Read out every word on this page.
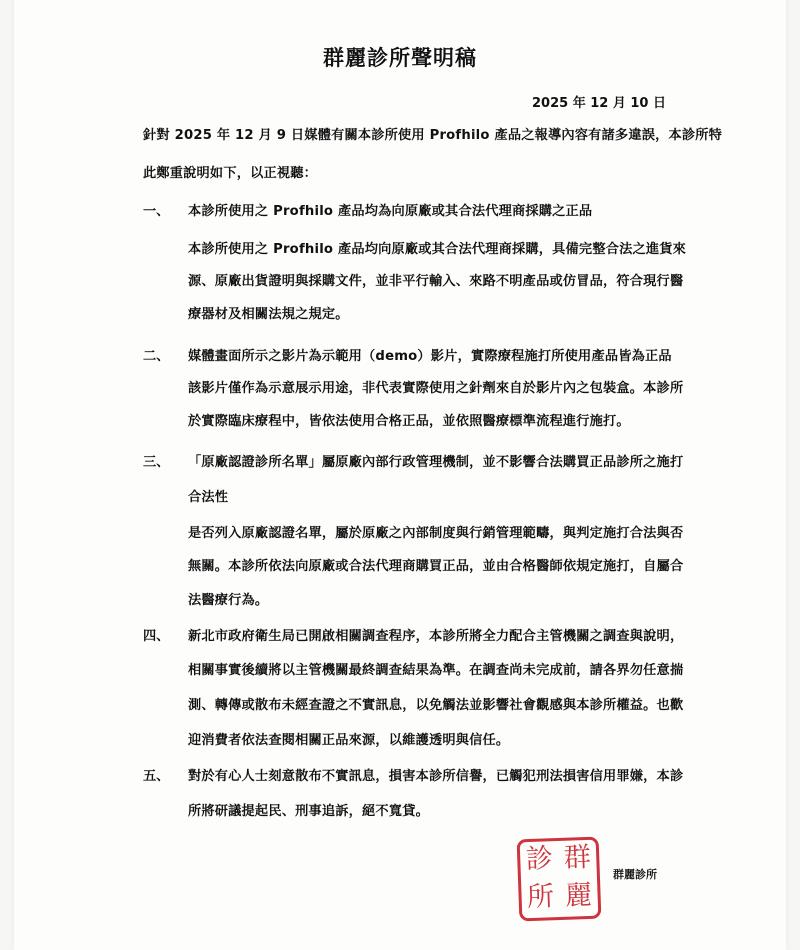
群麗診所聲明稿
2025 年 12 月 10 日
針對 2025 年 12 月 9 日媒體有關本診所使用 Profhilo 產品之報導內容有諸多違誤，本診所特
此鄭重說明如下，以正視聽：
一、 本診所使用之 Profhilo 產品均為向原廠或其合法代理商採購之正品
本診所使用之 Profhilo 產品均向原廠或其合法代理商採購，具備完整合法之進貨來
源、原廠出貨證明與採購文件，並非平行輸入、來路不明產品或仿冒品，符合現行醫
療器材及相關法規之規定。
二、 媒體畫面所示之影片為示範用（demo）影片，實際療程施打所使用產品皆為正品
該影片僅作為示意展示用途，非代表實際使用之針劑來自於影片內之包裝盒。本診所
於實際臨床療程中，皆依法使用合格正品，並依照醫療標準流程進行施打。
三、 「原廠認證診所名單」屬原廠內部行政管理機制，並不影響合法購買正品診所之施打
合法性
是否列入原廠認證名單，屬於原廠之內部制度與行銷管理範疇，與判定施打合法與否
無關。本診所依法向原廠或合法代理商購買正品，並由合格醫師依規定施打，自屬合
法醫療行為。
四、 新北市政府衛生局已開啟相關調查程序，本診所將全力配合主管機關之調查與說明，
相關事實後續將以主管機關最終調查結果為準。在調查尚未完成前，請各界勿任意揣
測、轉傳或散布未經查證之不實訊息，以免觸法並影響社會觀感與本診所權益。也歡
迎消費者依法查閱相關正品來源，以維護透明與信任。
五、 對於有心人士刻意散布不實訊息，損害本診所信譽，已觸犯刑法損害信用罪嫌，本診
所將研議提起民、刑事追訴，絕不寬貸。
診 群
所 麗
群麗診所
